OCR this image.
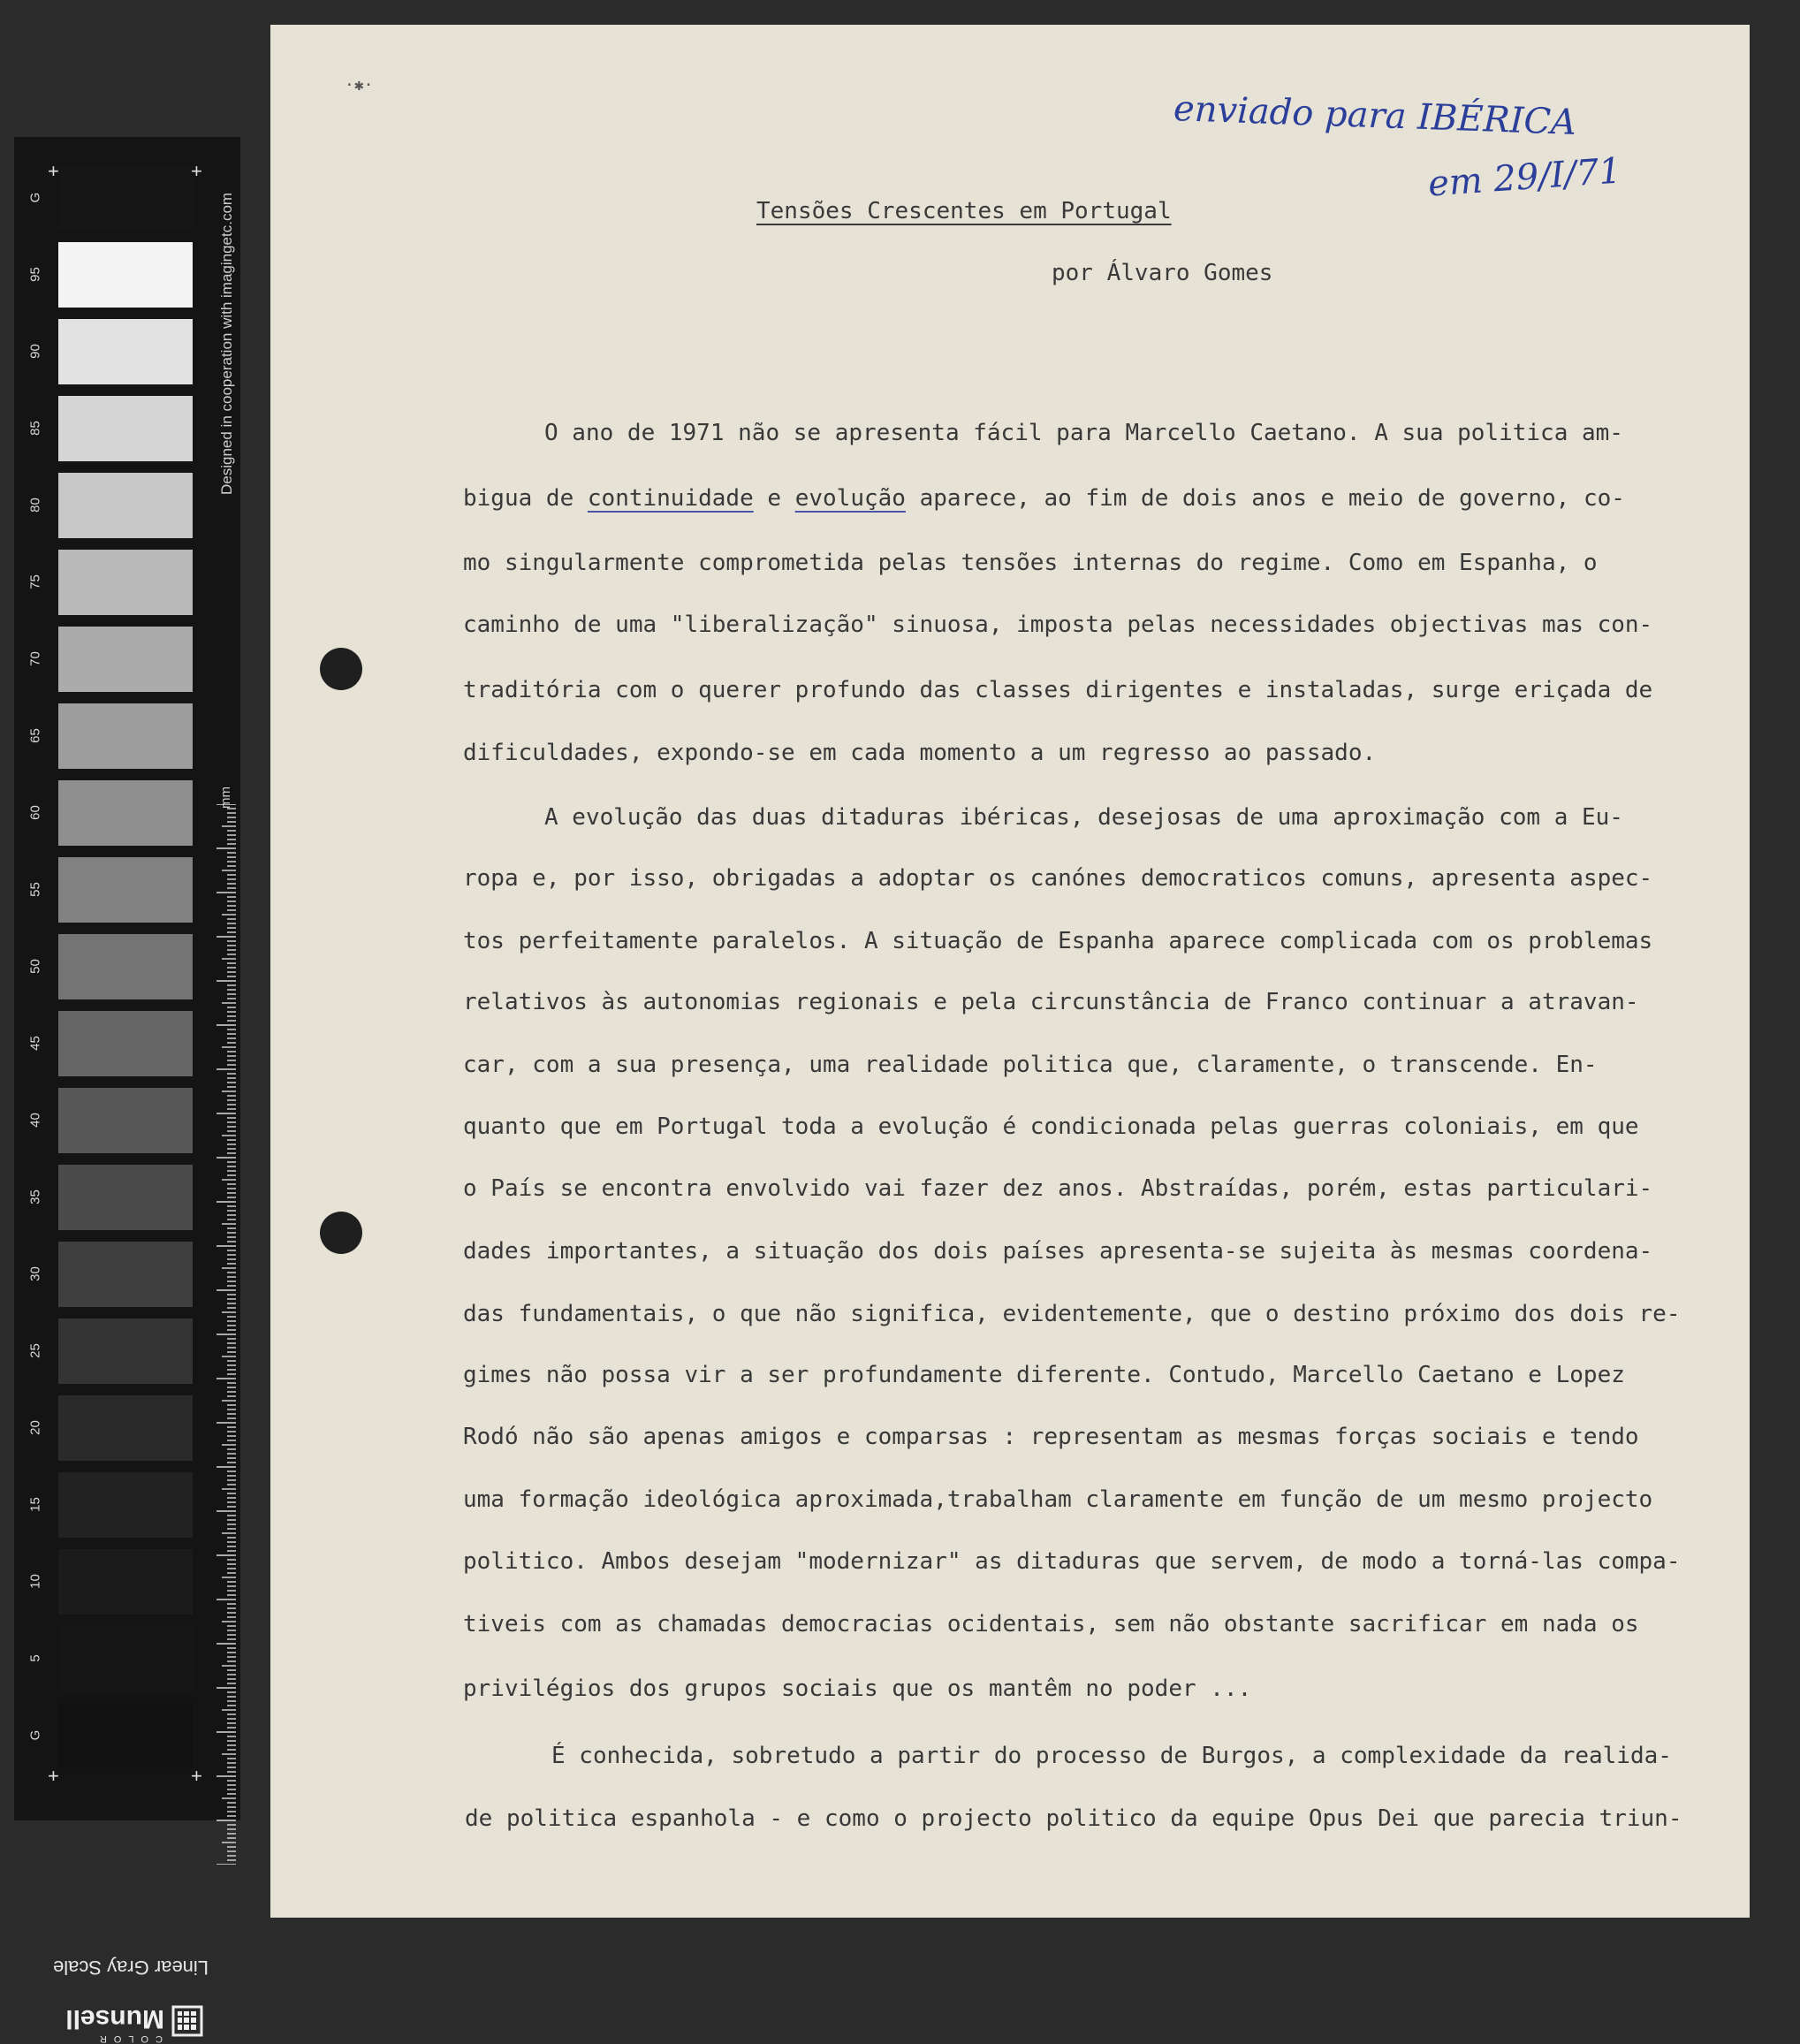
G
95
90
85
80
75
70
65
60
55
50
45
40
35
30
25
20
15
10
5
G
+	+
+	+
Designed in cooperation with imagingetc.com
mm
Linear Gray Scale
Munsell
COLOR
·✱·
enviado para IBÉRICA
em 29/I/71
Tensões Crescentes em Portugal
por Álvaro Gomes
O ano de 1971 não se apresenta fácil para Marcello Caetano. A sua politica am-
bigua de continuidade e evolução aparece, ao fim de dois anos e meio de governo, co-
mo singularmente comprometida pelas tensões internas do regime. Como em Espanha, o
caminho de uma "liberalização" sinuosa, imposta pelas necessidades objectivas mas con-
traditória com o querer profundo das classes dirigentes e instaladas, surge eriçada de
dificuldades, expondo-se em cada momento a um regresso ao passado.
A evolução das duas ditaduras ibéricas, desejosas de uma aproximação com a Eu-
ropa e, por isso, obrigadas a adoptar os canónes democraticos comuns, apresenta aspec-
tos perfeitamente paralelos. A situação de Espanha aparece complicada com os problemas
relativos às autonomias regionais e pela circunstância de Franco continuar a atravan-
car, com a sua presença, uma realidade politica que, claramente, o transcende. En-
quanto que em Portugal toda a evolução é condicionada pelas guerras coloniais, em que
o País se encontra envolvido vai fazer dez anos. Abstraídas, porém, estas particulari-
dades importantes, a situação dos dois países apresenta-se sujeita às mesmas coordena-
das fundamentais, o que não significa, evidentemente, que o destino próximo dos dois re-
gimes não possa vir a ser profundamente diferente. Contudo, Marcello Caetano e Lopez
Rodó não são apenas amigos e comparsas : representam as mesmas forças sociais e tendo
uma formação ideológica aproximada,trabalham claramente em função de um mesmo projecto
politico. Ambos desejam "modernizar" as ditaduras que servem, de modo a torná-las compa-
tiveis com as chamadas democracias ocidentais, sem não obstante sacrificar em nada os
privilégios dos grupos sociais que os mantêm no poder ...
É conhecida, sobretudo a partir do processo de Burgos, a complexidade da realida-
de politica espanhola - e como o projecto politico da equipe Opus Dei que parecia triun-
